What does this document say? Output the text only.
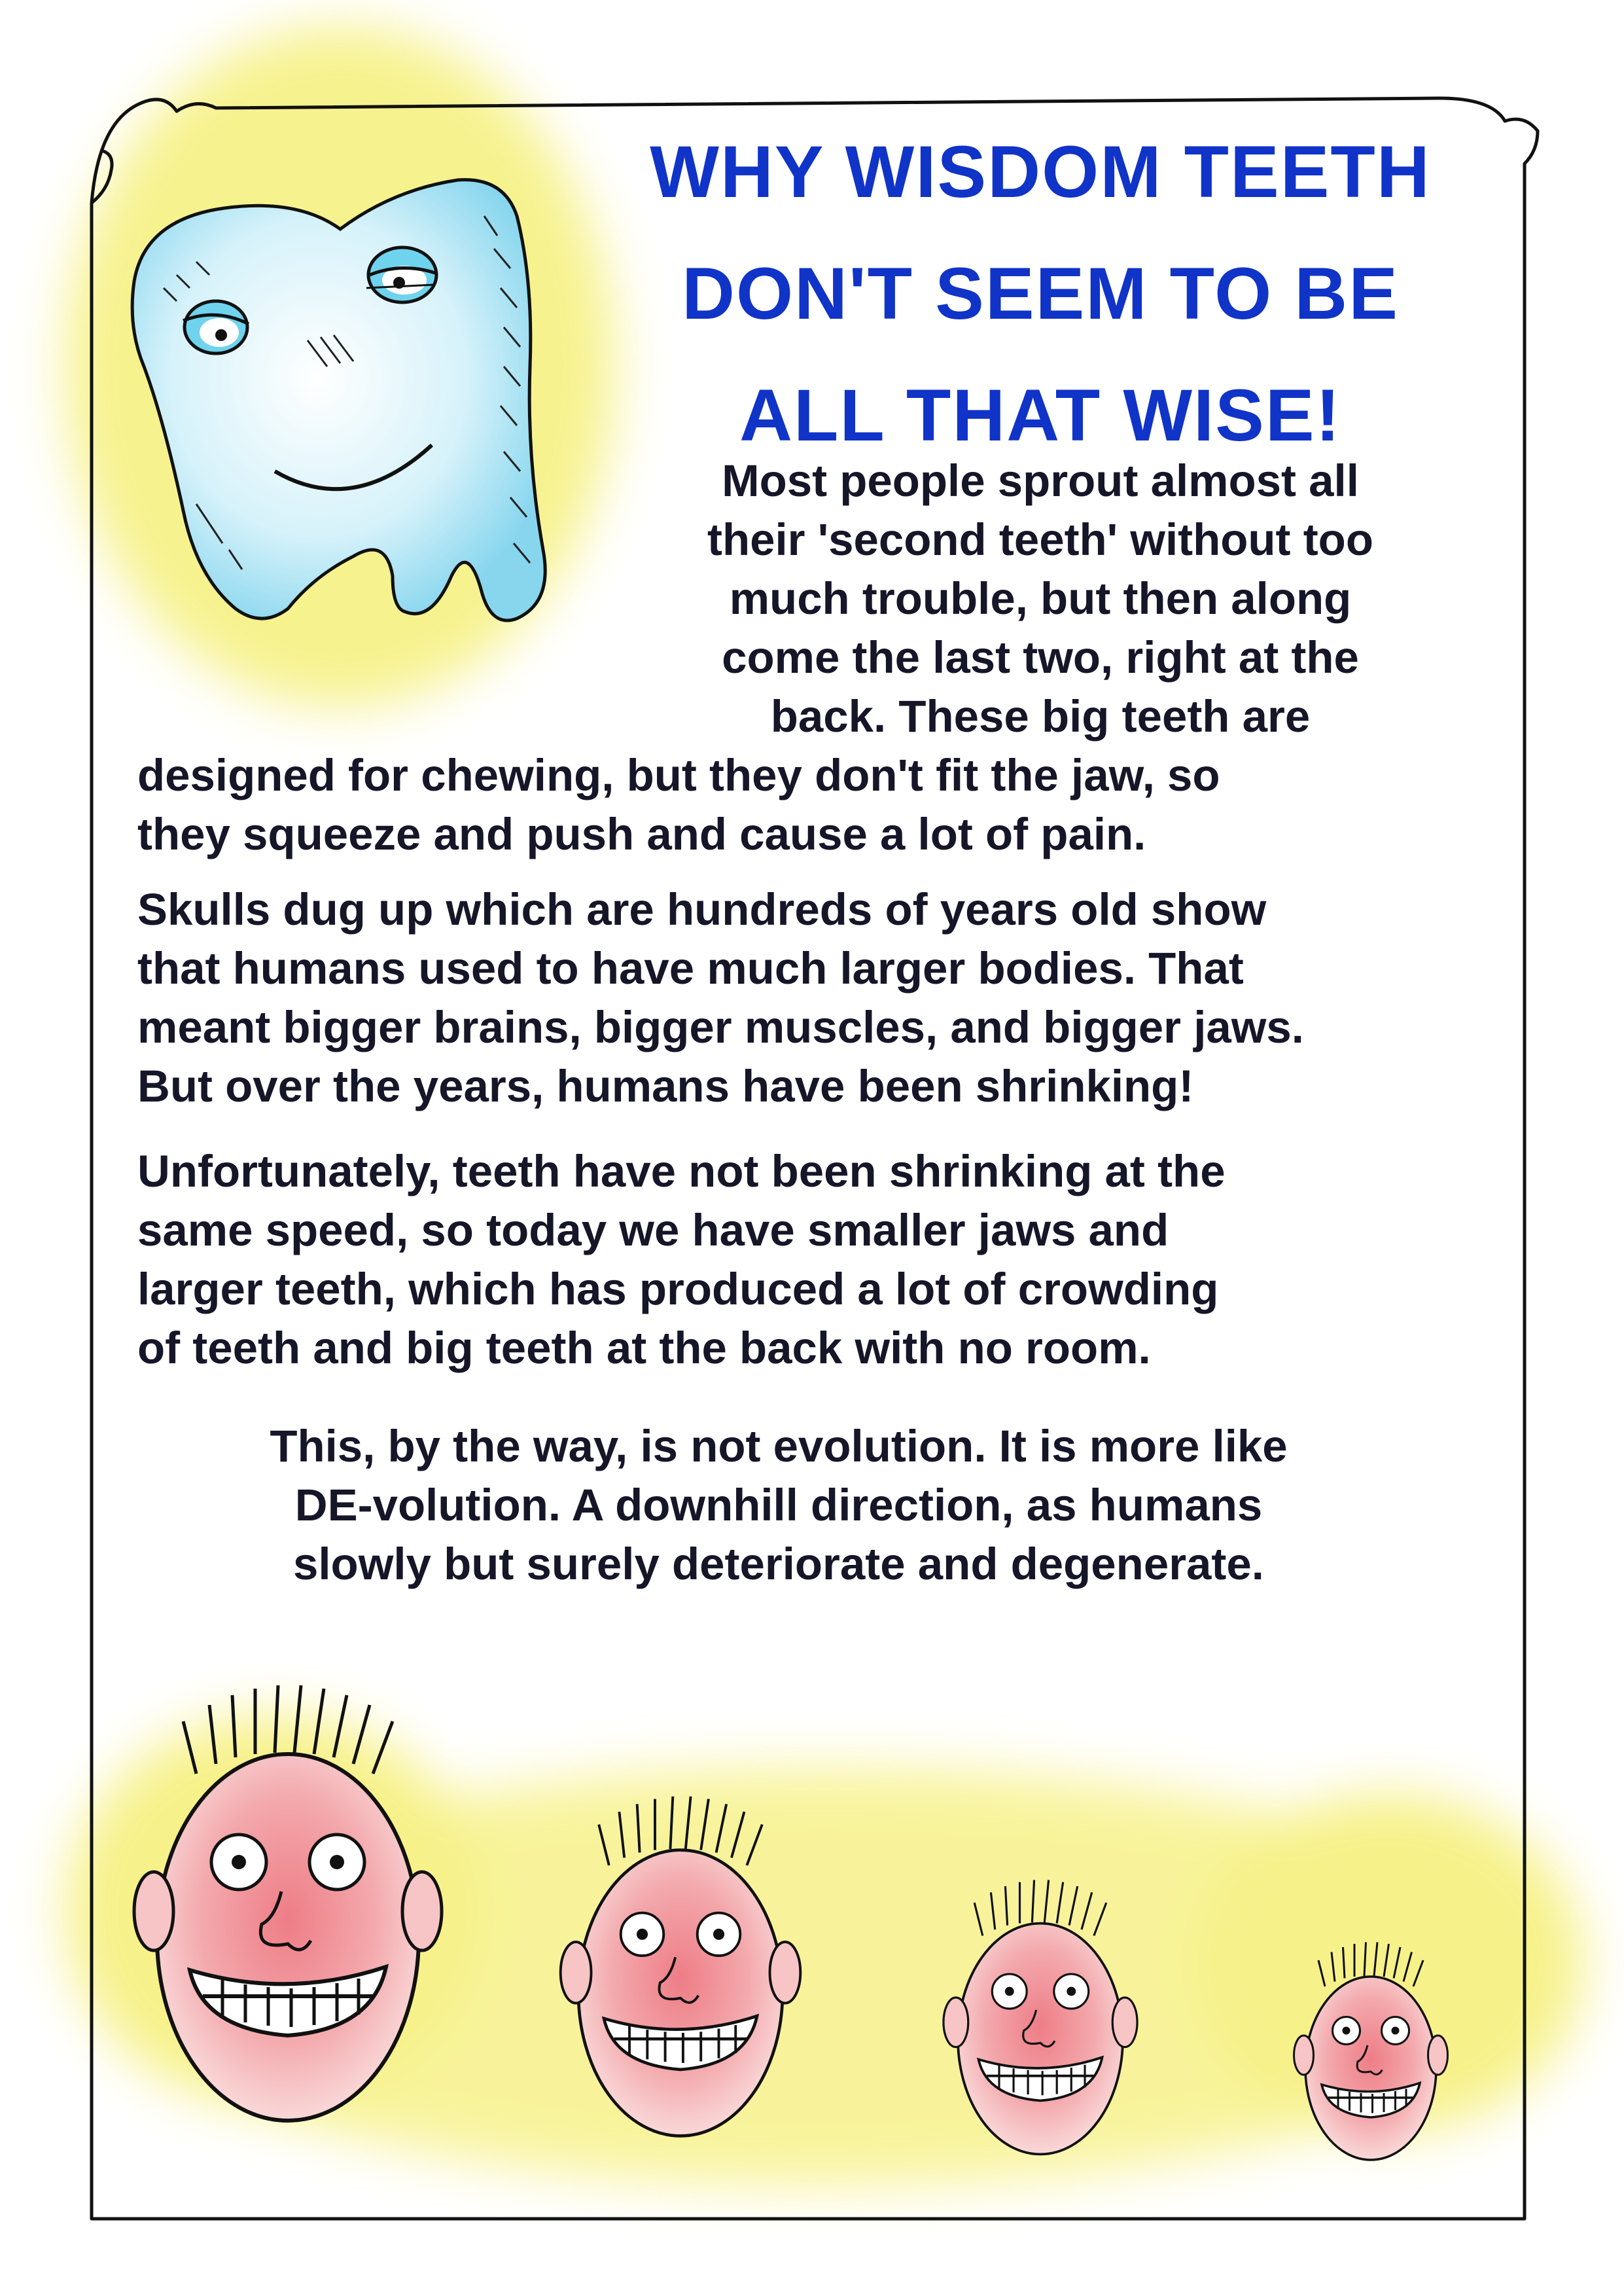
WHY WISDOM TEETH
DON'T SEEM TO BE
ALL THAT WISE!
Most people sprout almost all
their 'second teeth' without too
much trouble, but then along
come the last two, right at the
back. These big teeth are
designed for chewing, but they don't fit the jaw, so
they squeeze and push and cause a lot of pain.
Skulls dug up which are hundreds of years old show
that humans used to have much larger bodies. That
meant bigger brains, bigger muscles, and bigger jaws.
But over the years, humans have been shrinking!
Unfortunately, teeth have not been shrinking at the
same speed, so today we have smaller jaws and
larger teeth, which has produced a lot of crowding
of teeth and big teeth at the back with no room.
This, by the way, is not evolution. It is more like
DE-volution. A downhill direction, as humans
slowly but surely deteriorate and degenerate.
